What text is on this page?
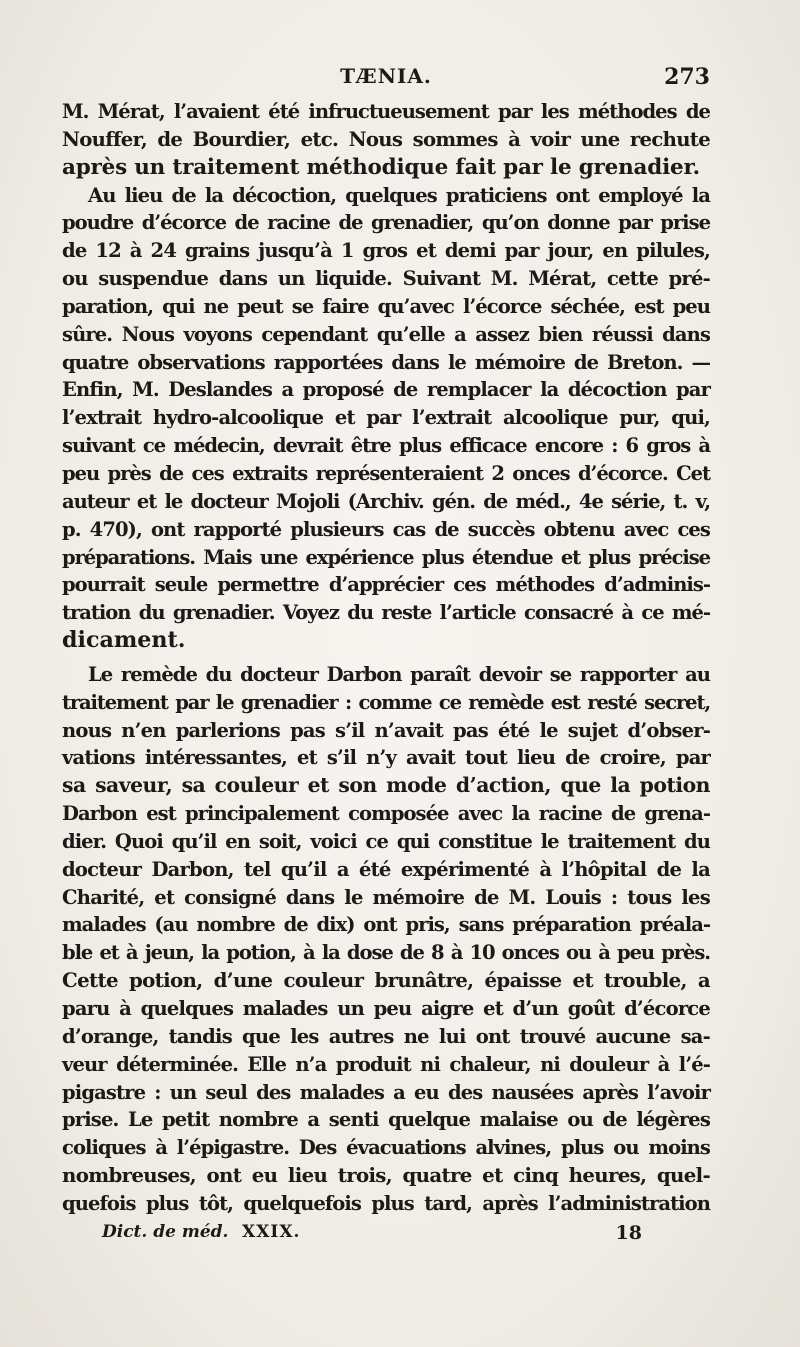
TÆNIA.	273

M. Mérat, l’avaient été infructueusement par les méthodes de
Nouffer, de Bourdier, etc. Nous sommes à voir une rechute
après un traitement méthodique fait par le grenadier.

Au lieu de la décoction, quelques praticiens ont employé la
poudre d’écorce de racine de grenadier, qu’on donne par prise
de 12 à 24 grains jusqu’à 1 gros et demi par jour, en pilules,
ou suspendue dans un liquide. Suivant M. Mérat, cette pré-
paration, qui ne peut se faire qu’avec l’écorce séchée, est peu
sûre. Nous voyons cependant qu’elle a assez bien réussi dans
quatre observations rapportées dans le mémoire de Breton. —
Enfin, M. Deslandes a proposé de remplacer la décoction par
l’extrait hydro-alcoolique et par l’extrait alcoolique pur, qui,
suivant ce médecin, devrait être plus efficace encore : 6 gros à
peu près de ces extraits représenteraient 2 onces d’écorce. Cet
auteur et le docteur Mojoli (Archiv. gén. de méd., 4e série, t. v,
p. 470), ont rapporté plusieurs cas de succès obtenu avec ces
préparations. Mais une expérience plus étendue et plus précise
pourrait seule permettre d’apprécier ces méthodes d’adminis-
tration du grenadier. Voyez du reste l’article consacré à ce mé-
dicament.

Le remède du docteur Darbon paraît devoir se rapporter au
traitement par le grenadier : comme ce remède est resté secret,
nous n’en parlerions pas s’il n’avait pas été le sujet d’obser-
vations intéressantes, et s’il n’y avait tout lieu de croire, par
sa saveur, sa couleur et son mode d’action, que la potion
Darbon est principalement composée avec la racine de grena-
dier. Quoi qu’il en soit, voici ce qui constitue le traitement du
docteur Darbon, tel qu’il a été expérimenté à l’hôpital de la
Charité, et consigné dans le mémoire de M. Louis : tous les
malades (au nombre de dix) ont pris, sans préparation préala-
ble et à jeun, la potion, à la dose de 8 à 10 onces ou à peu près.
Cette potion, d’une couleur brunâtre, épaisse et trouble, a
paru à quelques malades un peu aigre et d’un goût d’écorce
d’orange, tandis que les autres ne lui ont trouvé aucune sa-
veur déterminée. Elle n’a produit ni chaleur, ni douleur à l’é-
pigastre : un seul des malades a eu des nausées après l’avoir
prise. Le petit nombre a senti quelque malaise ou de légères
coliques à l’épigastre. Des évacuations alvines, plus ou moins
nombreuses, ont eu lieu trois, quatre et cinq heures, quel-
quefois plus tôt, quelquefois plus tard, après l’administration

Dict. de méd. XXIX.	18
